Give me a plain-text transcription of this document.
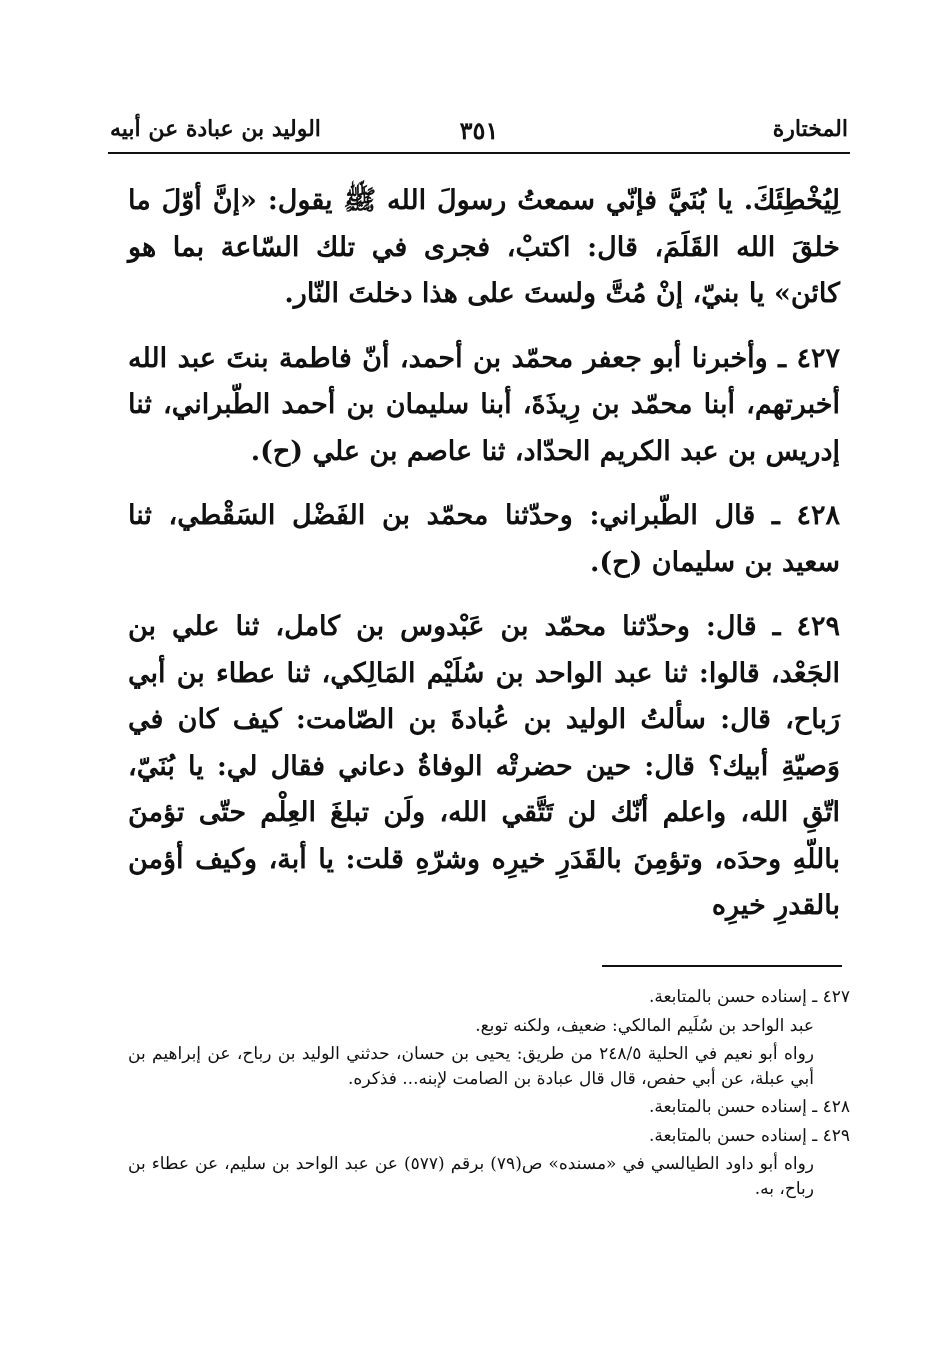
المختارة
٣٥١
الوليد بن عبادة عن أبيه

لِيُخْطِئَكَ. يا بُنَيَّ فإنّي سمعتُ رسولَ الله ﷺ يقول: «إنَّ أوّلَ ما خلقَ الله القَلَمَ، قال: اكتبْ، فجرى في تلك السّاعة بما هو كائن» يا بنيّ، إنْ مُتَّ ولستَ على هذا دخلتَ النّار.

٤٢٧ ـ وأخبرنا أبو جعفر محمّد بن أحمد، أنّ فاطمة بنتَ عبد الله أخبرتهم، أبنا محمّد بن رِيذَةَ، أبنا سليمان بن أحمد الطّبراني، ثنا إدريس بن عبد الكريم الحدّاد، ثنا عاصم بن علي (ح).

٤٢٨ ـ قال الطّبراني: وحدّثنا محمّد بن الفَضْل السَقْطي، ثنا سعيد بن سليمان (ح).

٤٢٩ ـ قال: وحدّثنا محمّد بن عَبْدوس بن كامل، ثنا علي بن الجَعْد، قالوا: ثنا عبد الواحد بن سُلَيْم المَالِكي، ثنا عطاء بن أبي رَباح، قال: سألتُ الوليد بن عُبادةَ بن الصّامت: كيف كان في وَصيّةِ أبيك؟ قال: حين حضرتْه الوفاةُ دعاني فقال لي: يا بُنَيّ، اتّقِ الله، واعلم أنّك لن تَتَّقي الله، ولَن تبلغَ العِلْم حتّى تؤمنَ باللّهِ وحدَه، وتؤمِنَ بالقَدَرِ خيرِه وشرّهِ قلت: يا أبة، وكيف أؤمن بالقدرِ خيرِه

٤٢٧ ـ إسناده حسن بالمتابعة.

عبد الواحد بن سُلَيم المالكي: ضعيف، ولكنه توبع.

رواه أبو نعيم في الحلية ٢٤٨/٥ من طريق: يحيى بن حسان، حدثني الوليد بن رباح، عن إبراهيم بن أبي عبلة، عن أبي حفص، قال قال عبادة بن الصامت لإبنه... فذكره.

٤٢٨ ـ إسناده حسن بالمتابعة.

٤٢٩ ـ إسناده حسن بالمتابعة.

رواه أبو داود الطيالسي في «مسنده» ص(٧٩) برقم (٥٧٧) عن عبد الواحد بن سليم، عن عطاء بن رباح، به.
